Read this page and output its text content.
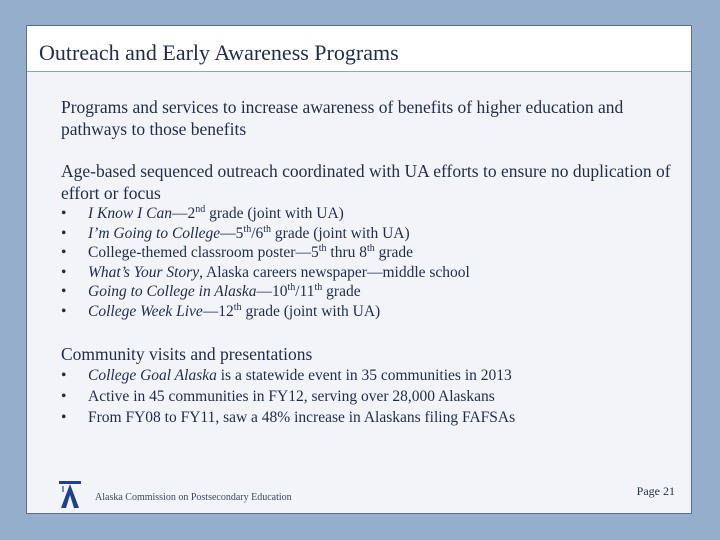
Outreach and Early Awareness Programs

Programs and services to increase awareness of benefits of higher education and pathways to those benefits

Age-based sequenced outreach coordinated with UA efforts to ensure no duplication of effort or focus

• I Know I Can—2nd grade (joint with UA)
• I’m Going to College—5th/6th grade (joint with UA)
• College-themed classroom poster—5th thru 8th grade
• What’s Your Story, Alaska careers newspaper—middle school
• Going to College in Alaska—10th/11th grade
• College Week Live—12th grade (joint with UA)

Community visits and presentations

• College Goal Alaska is a statewide event in 35 communities in 2013
• Active in 45 communities in FY12, serving over 28,000 Alaskans
• From FY08 to FY11, saw a 48% increase in Alaskans filing FAFSAs
Alaska Commission on Postsecondary Education	Page 21
